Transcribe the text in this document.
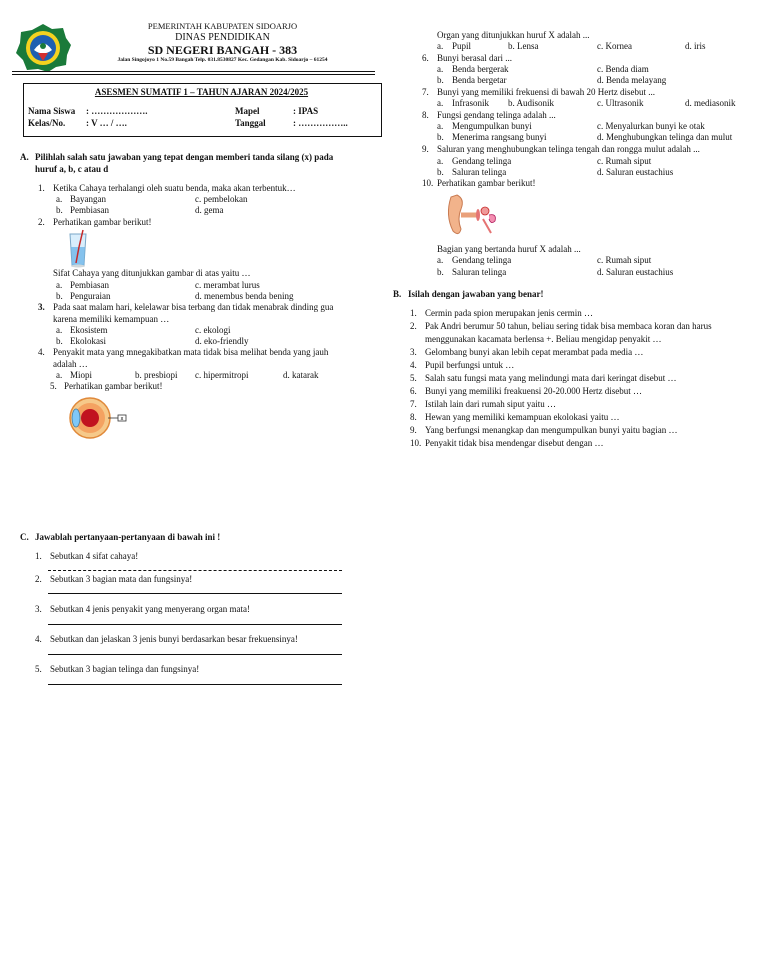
PEMERINTAH KABUPATEN SIDOARJO
DINAS PENDIDIKAN
SD NEGERI BANGAH - 383
Jalan Singojoyo 1 No.59 Bangah Telp. 031.8530827 Kec. Gedangan Kab. Sidoarjo – 61254
ASESMEN SUMATIF 1 – TAHUN AJARAN 2024/2025
Nama Siswa : ……………….
Kelas/No. : V … / ….
Mapel	: IPAS
Tanggal	: ……………..
A. Pilihlah salah satu jawaban yang tepat dengan memberi tanda silang (x) pada
huruf a, b, c atau d
1. Ketika Cahaya terhalangi oleh suatu benda, maka akan terbentuk…
a. Bayangan
b. Pembiasan
c. pembelokan
d. gema
2. Perhatikan gambar berikut!
Sifat Cahaya yang ditunjukkan gambar di atas yaitu …
a. Pembiasan
b. Penguraian
c. merambat lurus
d. menembus benda bening
3. Pada saat malam hari, kelelawar bisa terbang dan tidak menabrak dinding gua
karena memiliki kemampuan …
a. Ekosistem
b. Ekolokasi
c. ekologi
d. eko-friendly
4. Penyakit mata yang mnegakibatkan mata tidak bisa melihat benda yang jauh
adalah …
a. Miopi	b. presbiopi c. hipermitropi	d. katarak
5. Perhatikan gambar berikut!
x
Organ yang ditunjukkan huruf X adalah ...
a. Pupil	b. Lensa	c. Kornea	d. iris
6. Bunyi berasal dari ...
a. Benda bergerak
b. Benda bergetar
c. Benda diam
d. Benda melayang
7. Bunyi yang memiliki frekuensi di bawah 20 Hertz disebut ...
a. Infrasonik b. Audisonik	c. Ultrasonik	d. mediasonik
8. Fungsi gendang telinga adalah ...
a. Mengumpulkan bunyi
b. Menerima rangsang bunyi
c. Menyalurkan bunyi ke otak
d. Menghubungkan telinga dan mulut
9. Saluran yang menghubungkan telinga tengah dan rongga mulut adalah ...
a. Gendang telinga
b. Saluran telinga
c. Rumah siput
d. Saluran eustachius
10. Perhatikan gambar berikut!
Bagian yang bertanda huruf X adalah ...
a. Gendang telinga
b. Saluran telinga
c. Rumah siput
d. Saluran eustachius
B. Isilah dengan jawaban yang benar!
1. Cermin pada spion merupakan jenis cermin …
2. Pak Andri berumur 50 tahun, beliau sering tidak bisa membaca koran dan harus
menggunakan kacamata berlensa +. Beliau mengidap penyakit …
3. Gelombang bunyi akan lebih cepat merambat pada media …
4. Pupil berfungsi untuk …
5. Salah satu fungsi mata yang melindungi mata dari keringat disebut …
6. Bunyi yang memiliki freakuensi 20-20.000 Hertz disebut …
7. Istilah lain dari rumah siput yaitu …
8. Hewan yang memiliki kemampuan ekolokasi yaitu …
9. Yang berfungsi menangkap dan mengumpulkan bunyi yaitu bagian …
10. Penyakit tidak bisa mendengar disebut dengan …
C. Jawablah pertanyaan-pertanyaan di bawah ini !
1. Sebutkan 4 sifat cahaya!
2. Sebutkan 3 bagian mata dan fungsinya!
3. Sebutkan 4 jenis penyakit yang menyerang organ mata!
4. Sebutkan dan jelaskan 3 jenis bunyi berdasarkan besar frekuensinya!
5. Sebutkan 3 bagian telinga dan fungsinya!
